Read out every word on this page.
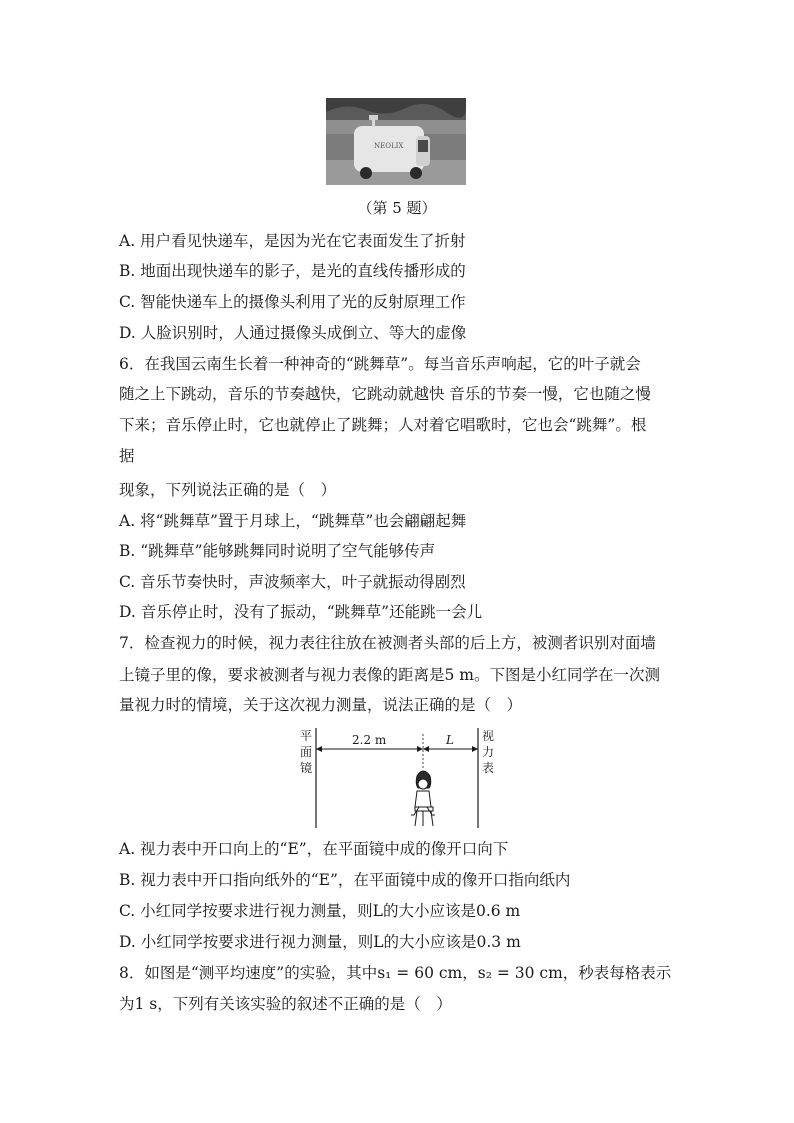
NEOLIX
（第 5 题）
A. 用户看见快递车，是因为光在它表面发生了折射
B. 地面出现快递车的影子，是光的直线传播形成的
C. 智能快递车上的摄像头利用了光的反射原理工作
D. 人脸识别时，人通过摄像头成倒立、等大的虚像
6．在我国云南生长着一种神奇的“跳舞草”。每当音乐声响起，它的叶子就会
随之上下跳动，音乐的节奏越快，它跳动就越快 音乐的节奏一慢，它也随之慢
下来；音乐停止时，它也就停止了跳舞；人对着它唱歌时，它也会“跳舞”。根
据
现象，下列说法正确的是（　）
A. 将“跳舞草”置于月球上，“跳舞草”也会翩翩起舞
B. “跳舞草”能够跳舞同时说明了空气能够传声
C. 音乐节奏快时，声波频率大，叶子就振动得剧烈
D. 音乐停止时，没有了振动，“跳舞草”还能跳一会儿
7．检查视力的时候，视力表往往放在被测者头部的后上方，被测者识别对面墙
上镜子里的像，要求被测者与视力表像的距离是5 m。下图是小红同学在一次测
量视力时的情境，关于这次视力测量，说法正确的是（　）
平
面
镜
视
力
表
2.2 m	L
A. 视力表中开口向上的“E”，在平面镜中成的像开口向下
B. 视力表中开口指向纸外的“E”，在平面镜中成的像开口指向纸内
C. 小红同学按要求进行视力测量，则L的大小应该是0.6 m
D. 小红同学按要求进行视力测量，则L的大小应该是0.3 m
8．如图是“测平均速度”的实验，其中s₁ = 60 cm，s₂ = 30 cm，秒表每格表示
为1 s，下列有关该实验的叙述不正确的是（　）
